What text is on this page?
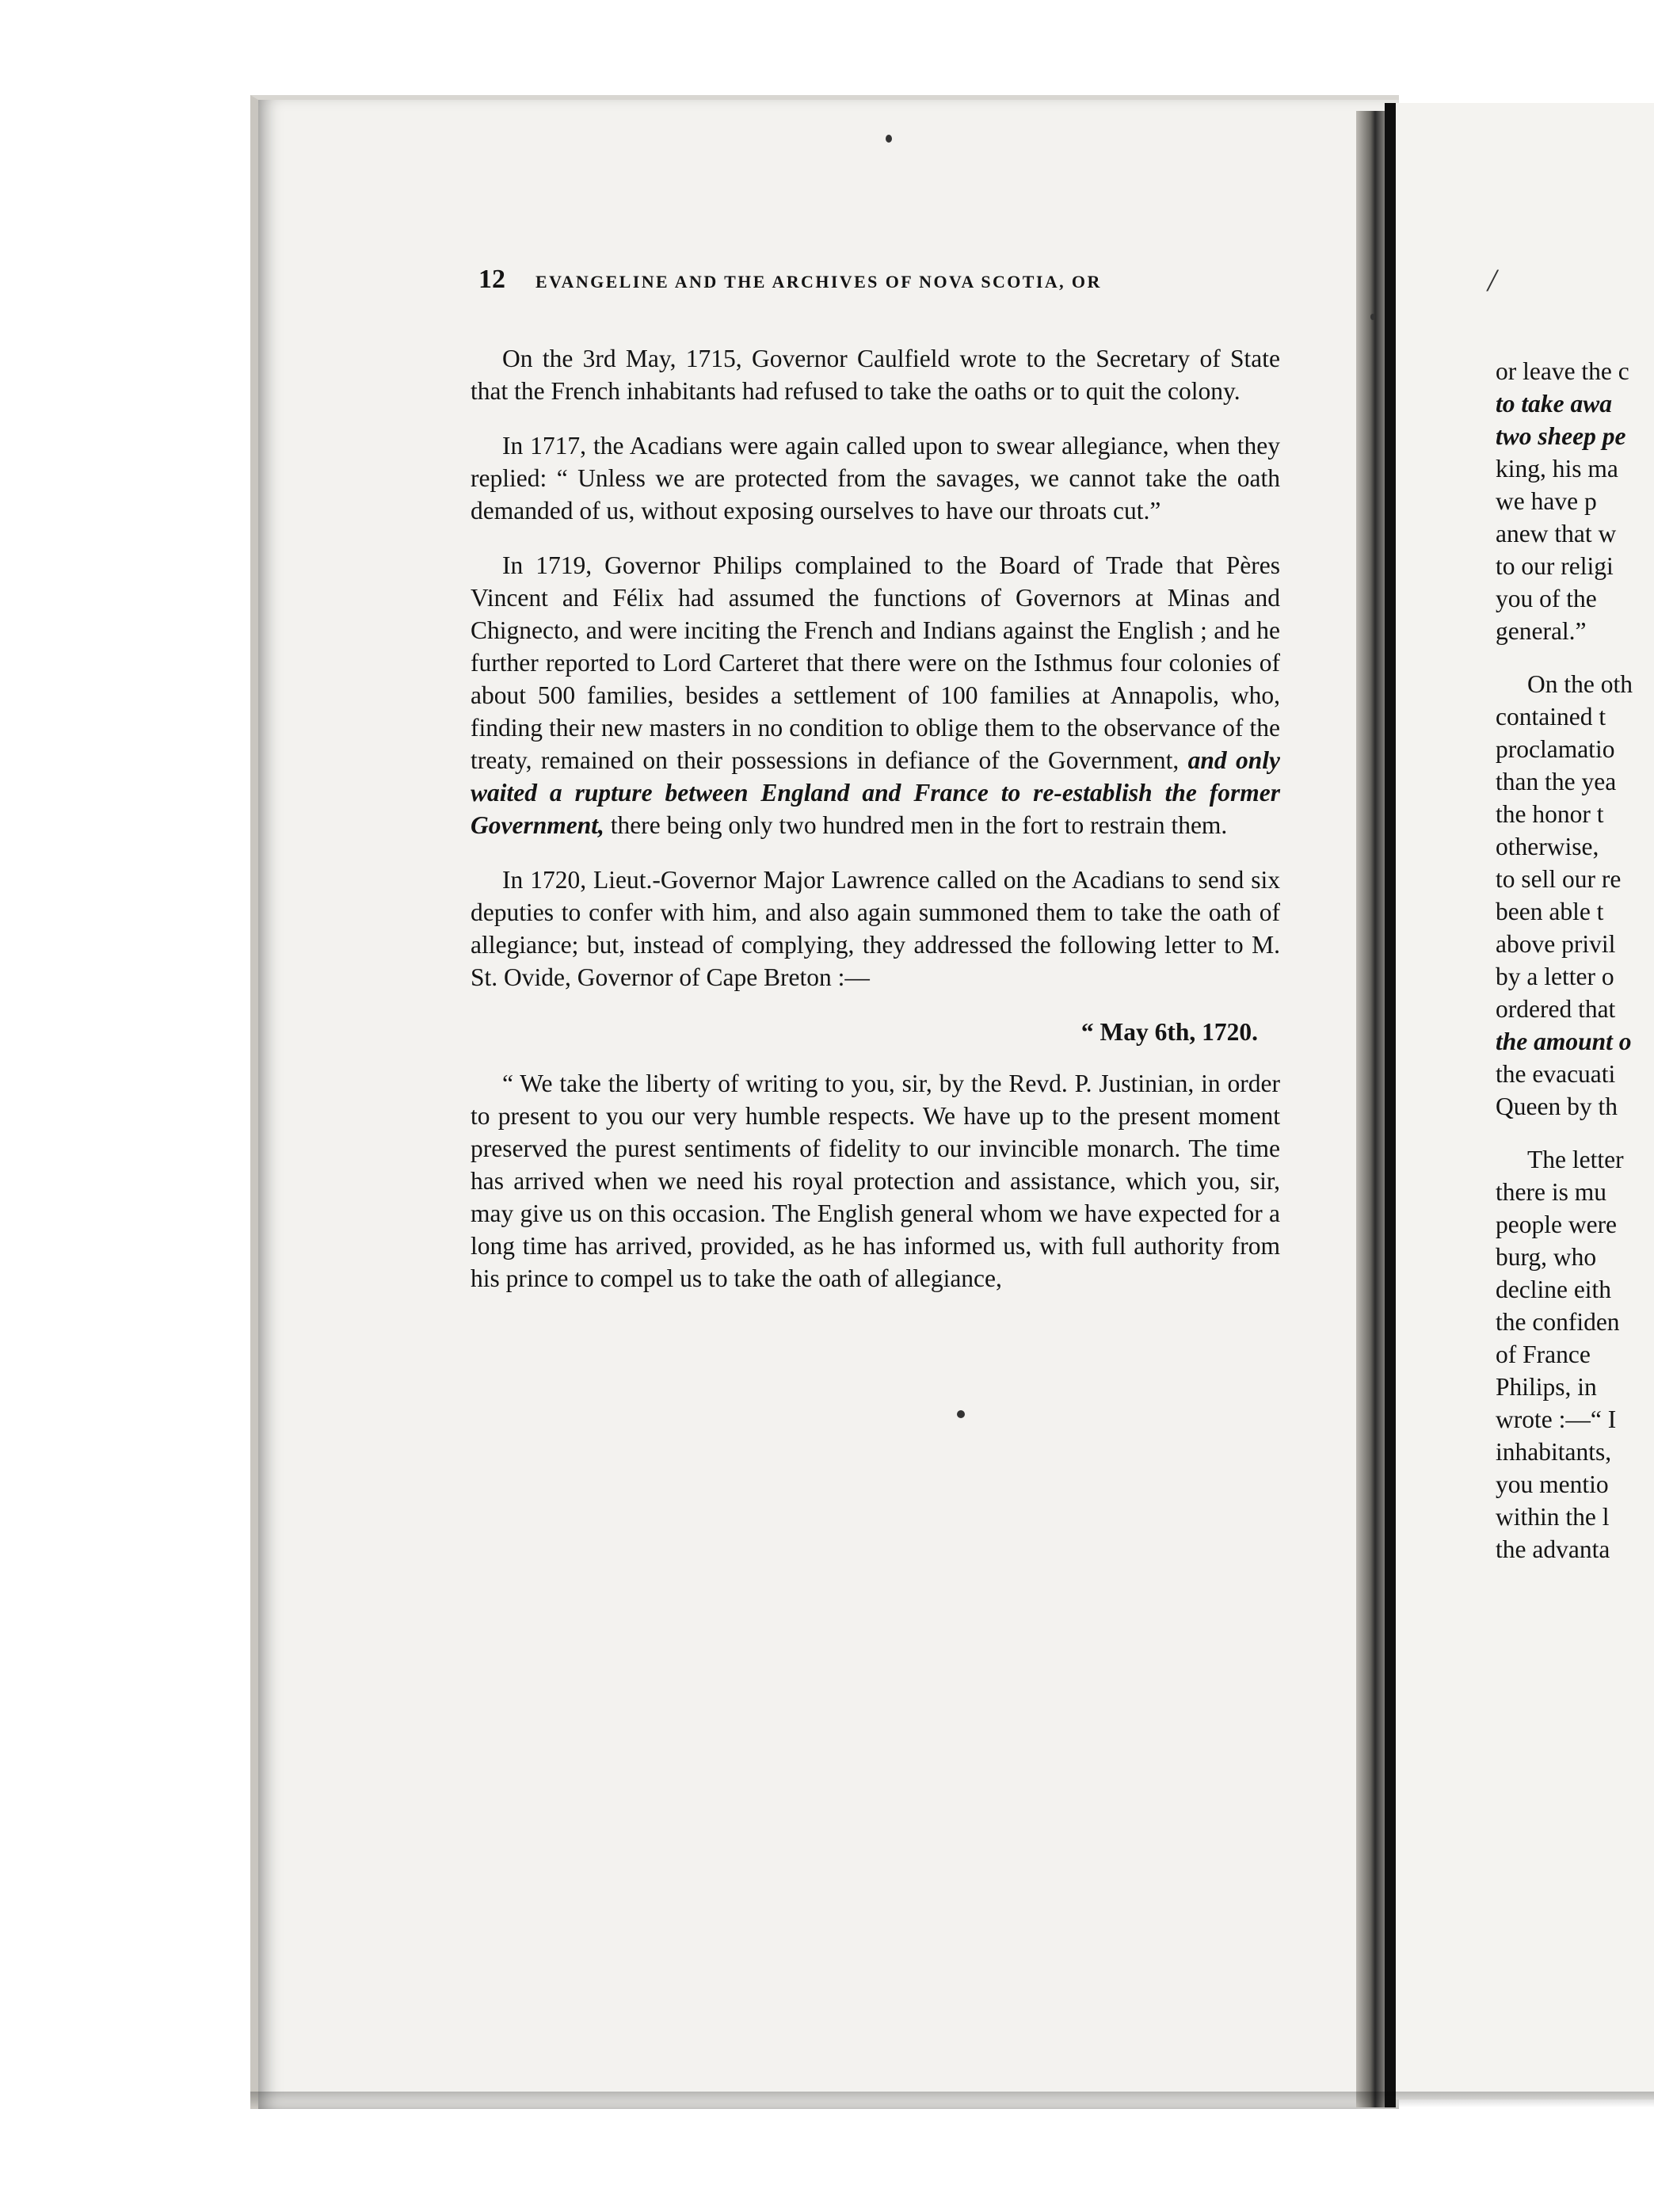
12	EVANGELINE AND THE ARCHIVES OF NOVA SCOTIA, OR

On the 3rd May, 1715, Governor Caulfield wrote to the Secretary of State that the French inhabitants had refused to take the oaths or to quit the colony.

In 1717, the Acadians were again called upon to swear allegiance, when they replied: “ Unless we are protected from the savages, we cannot take the oath demanded of us, without exposing ourselves to have our throats cut.”

In 1719, Governor Philips complained to the Board of Trade that Pères Vincent and Félix had assumed the functions of Governors at Minas and Chignecto, and were inciting the French and Indians against the English ; and he further reported to Lord Carteret that there were on the Isthmus four colonies of about 500 families, besides a settlement of 100 families at Annapolis, who, finding their new masters in no condition to oblige them to the observance of the treaty, remained on their possessions in defiance of the Government, and only waited a rupture between England and France to re-establish the former Government, there being only two hundred men in the fort to restrain them.

In 1720, Lieut.-Governor Major Lawrence called on the Acadians to send six deputies to confer with him, and also again summoned them to take the oath of allegiance; but, instead of complying, they addressed the following letter to M. St. Ovide, Governor of Cape Breton :—

“ May 6th, 1720.

“ We take the liberty of writing to you, sir, by the Revd. P. Justinian, in order to present to you our very humble respects. We have up to the present moment preserved the purest sentiments of fidelity to our invincible monarch. The time has arrived when we need his royal protection and assistance, which you, sir, may give us on this occasion. The English general whom we have expected for a long time has arrived, provided, as he has informed us, with full authority from his prince to compel us to take the oath of allegiance,

/
or leave the c
to take awa
two sheep pe
king, his ma
we have p
anew that w
to our religi
you of the
general.”
On the oth
contained t
proclamatio
than the yea
the honor t
otherwise,
to sell our re
been able t
above privil
by a letter o
ordered that
the amount o
the evacuati
Queen by th
The letter
there is mu
people were
burg, who
decline eith
the confiden
of France
Philips, in
wrote :—“ I
inhabitants,
you mentio
within the l
the advanta
